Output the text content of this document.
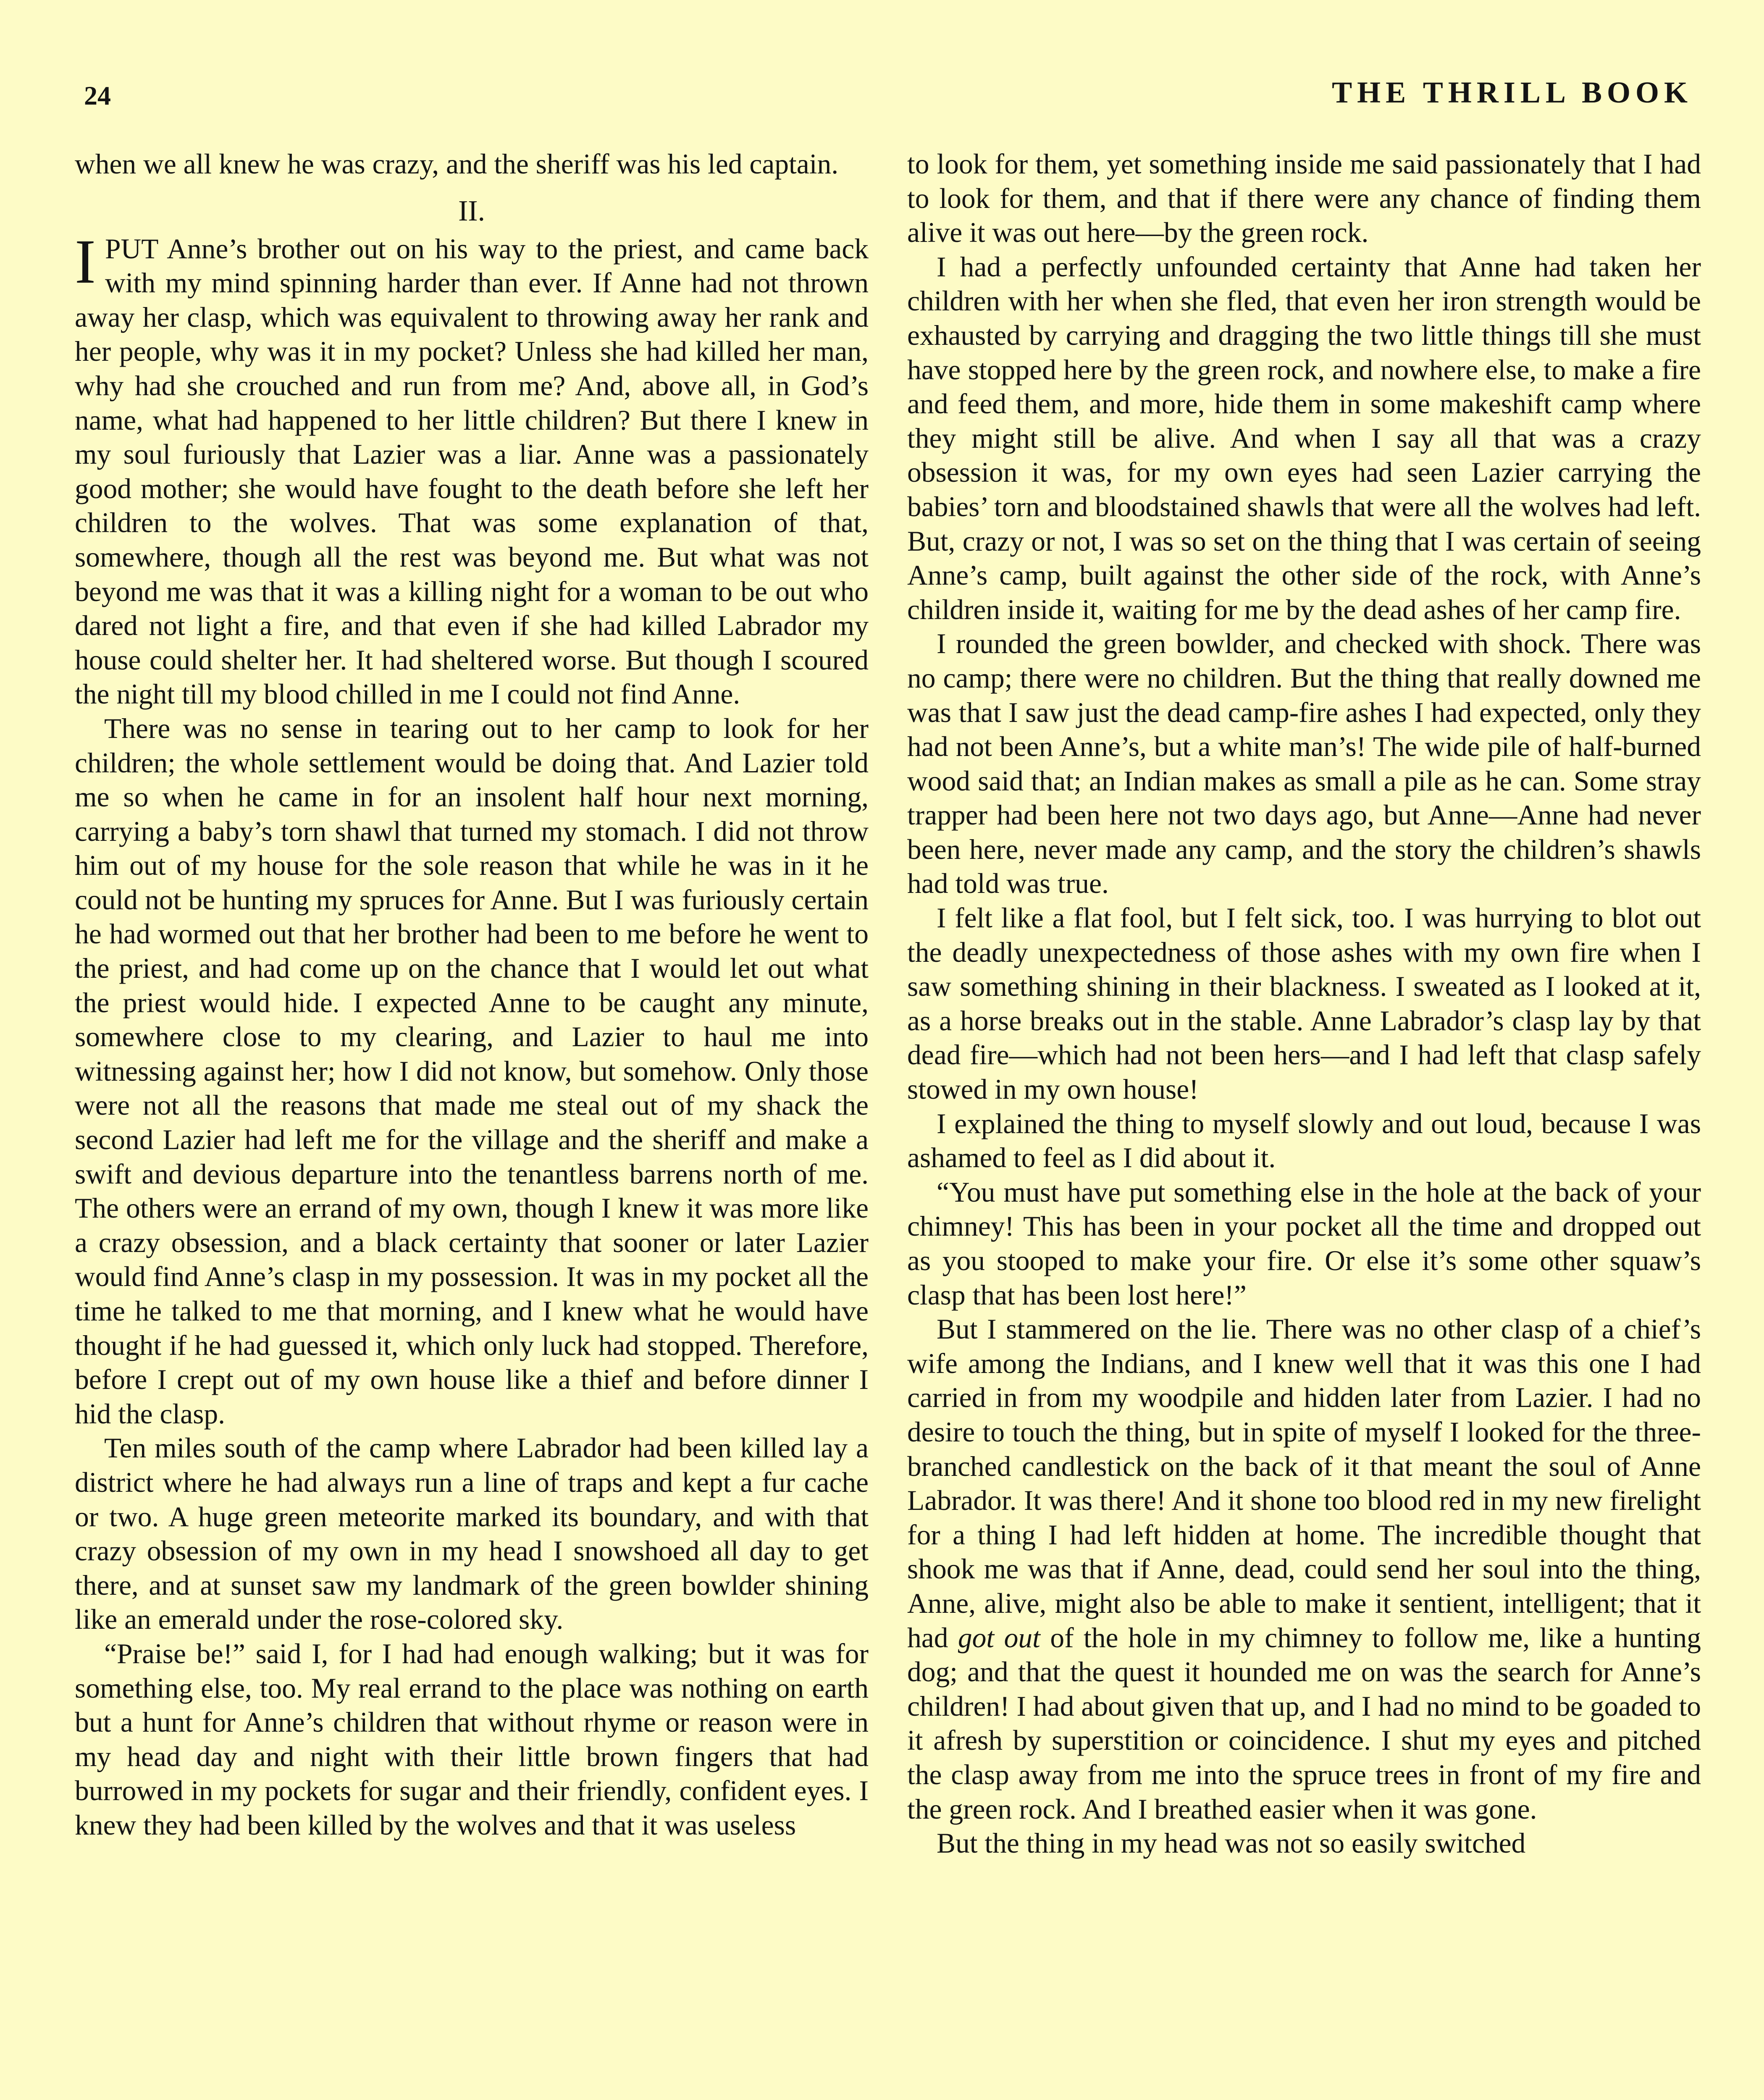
24	THE THRILL BOOK

when we all knew he was crazy, and the sheriff was his led captain.

II.

IPUT Anne’s brother out on his way to the priest, and came back with my mind spinning harder than ever. If Anne had not thrown away her clasp, which was equivalent to throwing away her rank and her people, why was it in my pocket? Unless she had killed her man, why had she crouched and run from me? And, above all, in God’s name, what had happened to her little children? But there I knew in my soul furiously that Lazier was a liar. Anne was a passionately good mother; she would have fought to the death before she left her children to the wolves. That was some explanation of that, somewhere, though all the rest was beyond me. But what was not beyond me was that it was a killing night for a woman to be out who dared not light a fire, and that even if she had killed Labrador my house could shelter her. It had sheltered worse. But though I scoured the night till my blood chilled in me I could not find Anne.

There was no sense in tearing out to her camp to look for her children; the whole settlement would be doing that. And Lazier told me so when he came in for an insolent half hour next morning, carrying a baby’s torn shawl that turned my stomach. I did not throw him out of my house for the sole reason that while he was in it he could not be hunting my spruces for Anne. But I was furiously certain he had wormed out that her brother had been to me before he went to the priest, and had come up on the chance that I would let out what the priest would hide. I expected Anne to be caught any minute, somewhere close to my clearing, and Lazier to haul me into witnessing against her; how I did not know, but somehow. Only those were not all the reasons that made me steal out of my shack the second Lazier had left me for the village and the sheriff and make a swift and devious departure into the tenantless barrens north of me. The others were an errand of my own, though I knew it was more like a crazy obsession, and a black certainty that sooner or later Lazier would find Anne’s clasp in my possession. It was in my pocket all the time he talked to me that morning, and I knew what he would have thought if he had guessed it, which only luck had stopped. Therefore, before I crept out of my own house like a thief and before dinner I hid the clasp.

Ten miles south of the camp where Labrador had been killed lay a district where he had always run a line of traps and kept a fur cache or two. A huge green meteorite marked its boundary, and with that crazy obsession of my own in my head I snowshoed all day to get there, and at sunset saw my landmark of the green bowlder shining like an emerald under the rose-colored sky.

“Praise be!” said I, for I had had enough walking; but it was for something else, too. My real errand to the place was nothing on earth but a hunt for Anne’s children that without rhyme or reason were in my head day and night with their little brown fingers that had burrowed in my pockets for sugar and their friendly, confident eyes. I knew they had been killed by the wolves and that it was useless

to look for them, yet something inside me said passionately that I had to look for them, and that if there were any chance of finding them alive it was out here—by the green rock.

I had a perfectly unfounded certainty that Anne had taken her children with her when she fled, that even her iron strength would be exhausted by carrying and dragging the two little things till she must have stopped here by the green rock, and nowhere else, to make a fire and feed them, and more, hide them in some makeshift camp where they might still be alive. And when I say all that was a crazy obsession it was, for my own eyes had seen Lazier carrying the babies’ torn and bloodstained shawls that were all the wolves had left. But, crazy or not, I was so set on the thing that I was certain of seeing Anne’s camp, built against the other side of the rock, with Anne’s children inside it, waiting for me by the dead ashes of her camp fire.

I rounded the green bowlder, and checked with shock. There was no camp; there were no children. But the thing that really downed me was that I saw just the dead camp-fire ashes I had expected, only they had not been Anne’s, but a white man’s! The wide pile of half-burned wood said that; an Indian makes as small a pile as he can. Some stray trapper had been here not two days ago, but Anne—Anne had never been here, never made any camp, and the story the children’s shawls had told was true.

I felt like a flat fool, but I felt sick, too. I was hurrying to blot out the deadly unexpectedness of those ashes with my own fire when I saw something shining in their blackness. I sweated as I looked at it, as a horse breaks out in the stable. Anne Labrador’s clasp lay by that dead fire—which had not been hers—and I had left that clasp safely stowed in my own house!

I explained the thing to myself slowly and out loud, because I was ashamed to feel as I did about it.

“You must have put something else in the hole at the back of your chimney! This has been in your pocket all the time and dropped out as you stooped to make your fire. Or else it’s some other squaw’s clasp that has been lost here!”

But I stammered on the lie. There was no other clasp of a chief’s wife among the Indians, and I knew well that it was this one I had carried in from my woodpile and hidden later from Lazier. I had no desire to touch the thing, but in spite of myself I looked for the three-branched candlestick on the back of it that meant the soul of Anne Labrador. It was there! And it shone too blood red in my new firelight for a thing I had left hidden at home. The incredible thought that shook me was that if Anne, dead, could send her soul into the thing, Anne, alive, might also be able to make it sentient, intelligent; that it had got out of the hole in my chimney to follow me, like a hunting dog; and that the quest it hounded me on was the search for Anne’s children! I had about given that up, and I had no mind to be goaded to it afresh by superstition or coincidence. I shut my eyes and pitched the clasp away from me into the spruce trees in front of my fire and the green rock. And I breathed easier when it was gone.

But the thing in my head was not so easily switched
